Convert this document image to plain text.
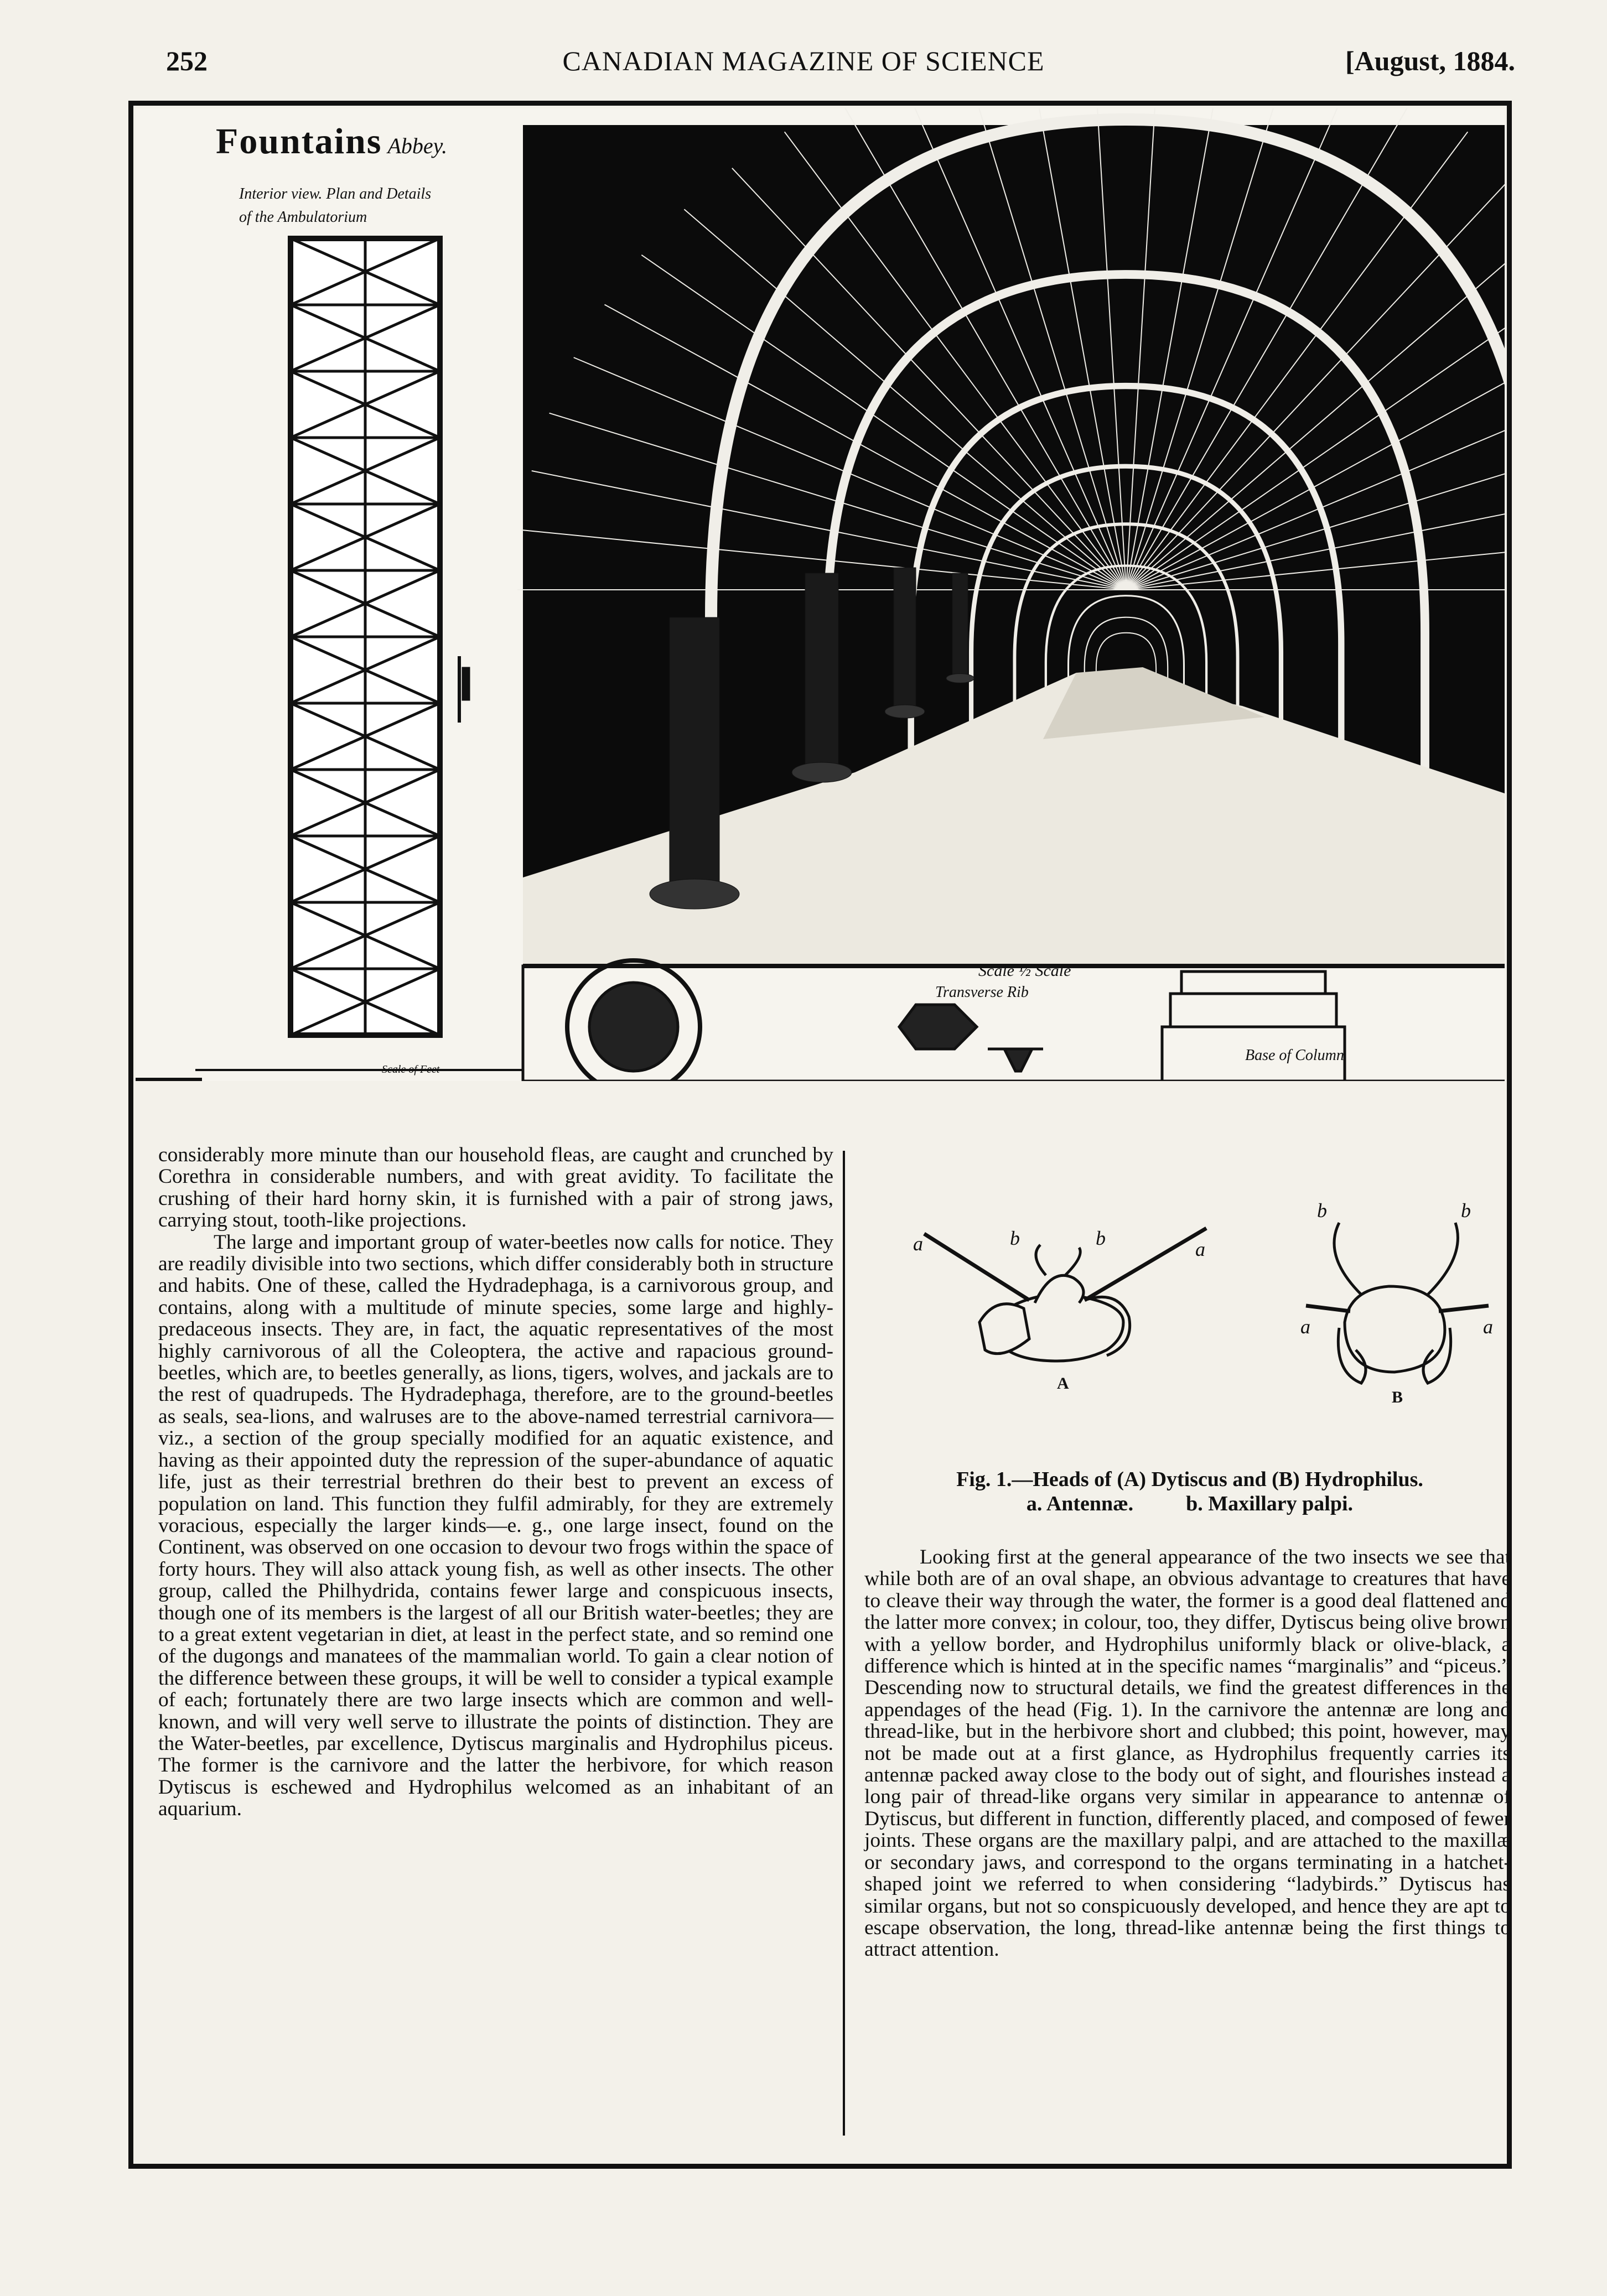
252	CANADIAN MAGAZINE OF SCIENCE	[August, 1884.
Fountains Abbey.
Interior view. Plan and Details
of the Ambulatorium
Scale of Feet
Scale ½ Scale
Transverse Rib
Base of Column

considerably more minute than our household fleas, are caught and crunched by Corethra in considerable numbers, and with great avidity. To facilitate the crushing of their hard horny skin, it is furnished with a pair of strong jaws, carrying stout, tooth-like projections.

The large and important group of water-beetles now calls for notice. They are readily divisible into two sections, which differ considerably both in structure and habits. One of these, called the Hydradephaga, is a carnivorous group, and contains, along with a multitude of minute species, some large and highly-predaceous insects. They are, in fact, the aquatic representatives of the most highly carnivorous of all the Coleoptera, the active and rapacious ground-beetles, which are, to beetles generally, as lions, tigers, wolves, and jackals are to the rest of quadrupeds. The Hydradephaga, therefore, are to the ground-beetles as seals, sea-lions, and walruses are to the above-named terrestrial carnivora—viz., a section of the group specially modified for an aquatic existence, and having as their appointed duty the repression of the super-abundance of aquatic life, just as their terrestrial brethren do their best to prevent an excess of population on land. This function they fulfil admirably, for they are extremely voracious, especially the larger kinds—e. g., one large insect, found on the Continent, was observed on one occasion to devour two frogs within the space of forty hours. They will also attack young fish, as well as other insects. The other group, called the Philhydrida, contains fewer large and conspicuous insects, though one of its members is the largest of all our British water-beetles; they are to a great extent vegetarian in diet, at least in the perfect state, and so remind one of the dugongs and manatees of the mammalian world. To gain a clear notion of the difference between these groups, it will be well to consider a typical example of each; fortunately there are two large insects which are common and well-known, and will very well serve to illustrate the points of distinction. They are the Water-beetles, par excellence, Dytiscus marginalis and Hydrophilus piceus. The former is the carnivore and the latter the herbivore, for which reason Dytiscus is eschewed and Hydrophilus welcomed as an inhabitant of an aquarium.

a	b	b	a
A
b	b
a	a
B
Fig. 1.—Heads of (A) Dytiscus and (B) Hydrophilus.
a. Antennæ.          b. Maxillary palpi.

Looking first at the general appearance of the two insects we see that while both are of an oval shape, an obvious advantage to creatures that have to cleave their way through the water, the former is a good deal flattened and the latter more convex; in colour, too, they differ, Dytiscus being olive brown with a yellow border, and Hydrophilus uniformly black or olive-black, a difference which is hinted at in the specific names “marginalis” and “piceus.” Descending now to structural details, we find the greatest differences in the appendages of the head (Fig. 1). In the carnivore the antennæ are long and thread-like, but in the herbivore short and clubbed; this point, however, may not be made out at a first glance, as Hydrophilus frequently carries its antennæ packed away close to the body out of sight, and flourishes instead a long pair of thread-like organs very similar in appearance to antennæ of Dytiscus, but different in function, differently placed, and composed of fewer joints. These organs are the maxillary palpi, and are attached to the maxillæ or secondary jaws, and correspond to the organs terminating in a hatchet-shaped joint we referred to when considering “ladybirds.” Dytiscus has similar organs, but not so conspicuously developed, and hence they are apt to escape observation, the long, thread-like antennæ being the first things to attract attention.
